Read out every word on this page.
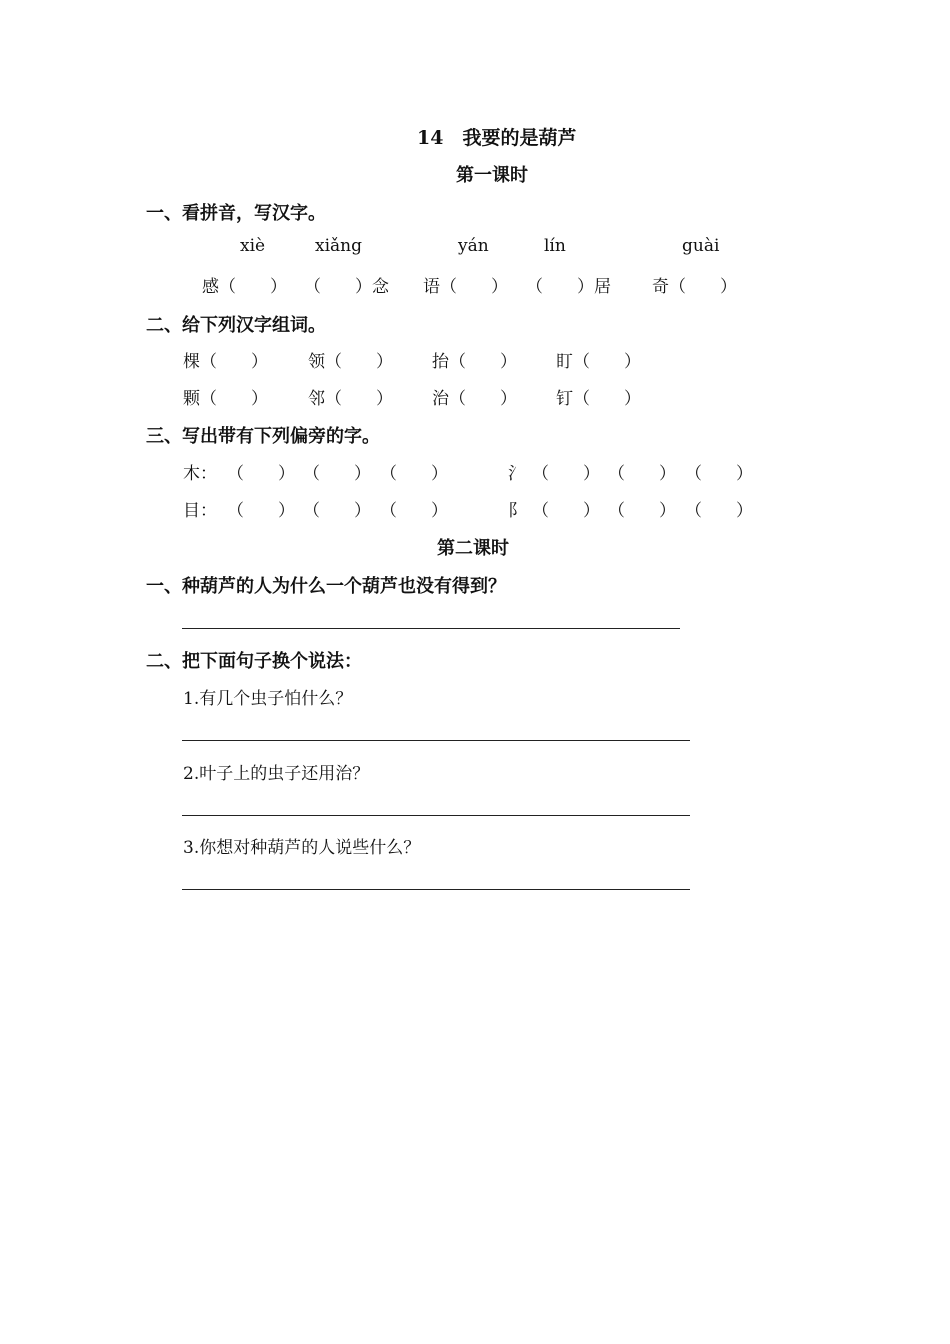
14　我要的是葫芦
第一课时
一、看拼音，写汉字。
xiè	xiǎng	yán	lín	guài
感（　　） （　　）念 语（　　） （　　）居 奇（　　）
二、给下列汉字组词。
棵（　　） 领（　　） 抬（　　） 盯（　　）
颗（　　） 邻（　　） 治（　　） 钉（　　）
三、写出带有下列偏旁的字。
木： （　　） （　　） （　　）	氵 （　　） （　　） （　　）
目： （　　） （　　） （　　）	阝 （　　） （　　） （　　）
第二课时
一、种葫芦的人为什么一个葫芦也没有得到？
二、把下面句子换个说法：
1.有几个虫子怕什么？
2.叶子上的虫子还用治？
3.你想对种葫芦的人说些什么？
